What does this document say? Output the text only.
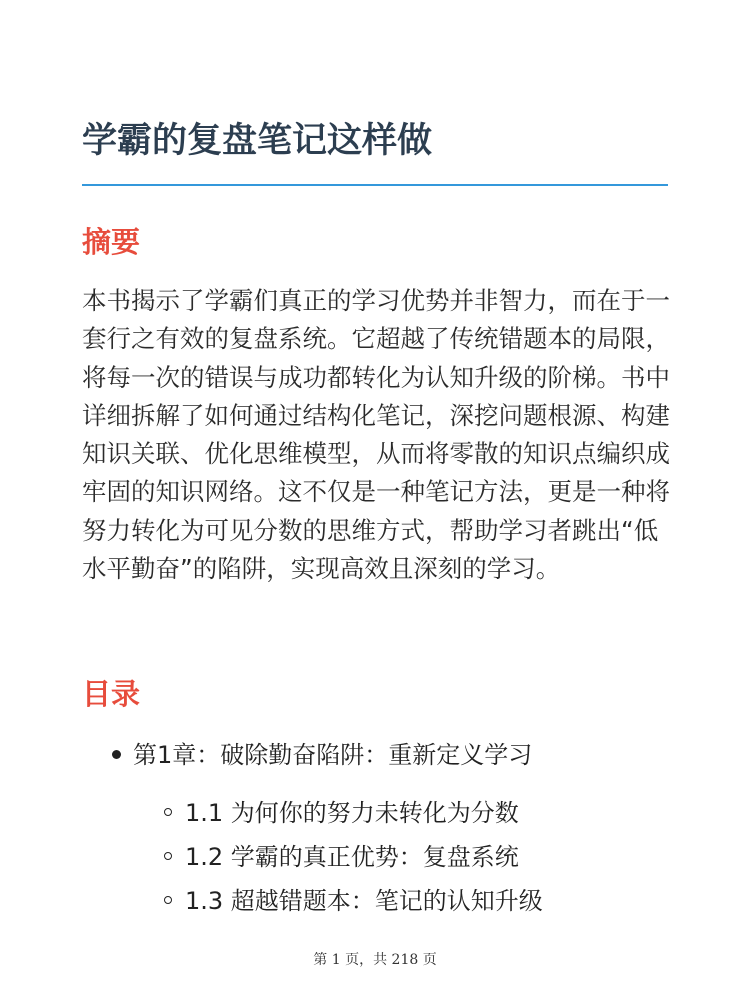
学霸的复盘笔记这样做
摘要

本书揭示了学霸们真正的学习优势并非智力，而在于一套行之有效的复盘系统。它超越了传统错题本的局限，将每一次的错误与成功都转化为认知升级的阶梯。书中详细拆解了如何通过结构化笔记，深挖问题根源、构建知识关联、优化思维模型，从而将零散的知识点编织成牢固的知识网络。这不仅是一种笔记方法，更是一种将努力转化为可见分数的思维方式，帮助学习者跳出“低水平勤奋”的陷阱，实现高效且深刻的学习。

目录
第1章：破除勤奋陷阱：重新定义学习
1.1 为何你的努力未转化为分数
1.2 学霸的真正优势：复盘系统
1.3 超越错题本：笔记的认知升级
第 1 页，共 218 页
